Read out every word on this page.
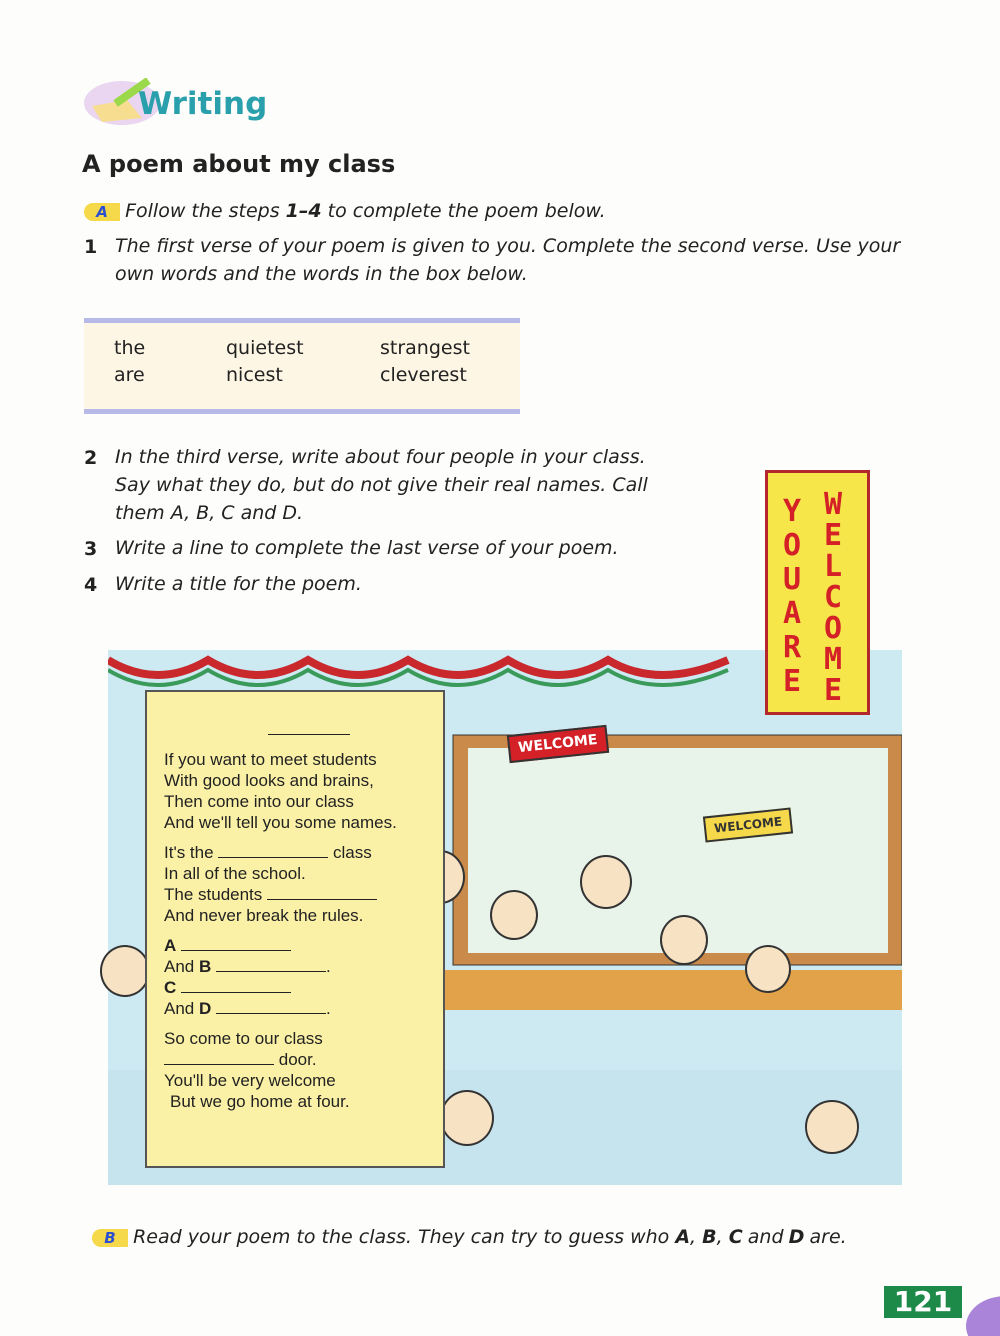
Writing
A poem about my class
A Follow the steps 1–4 to complete the poem below.
1 The first verse of your poem is given to you. Complete the second verse. Use your
own words and the words in the box below.
the	quietest	strangest
are	nicest	cleverest
2 In the third verse, write about four people in your class.
Say what they do, but do not give their real names. Call
them A, B, C and D.
3 Write a line to complete the last verse of your poem.
4 Write a title for the poem.
WELCOME
WELCOME
If you want to meet students
With good looks and brains,
Then come into our class
And we'll tell you some names.
It's the	class
In all of the school.
The students
And never break the rules.
A
And B	.
C
And D	.
So come to our class
door.
You'll be very welcome
But we go home at four.
Y
O
U
A
R
E
W
E
L
C
O
M
E
B Read your poem to the class. They can try to guess who A, B, C and D are.
121
